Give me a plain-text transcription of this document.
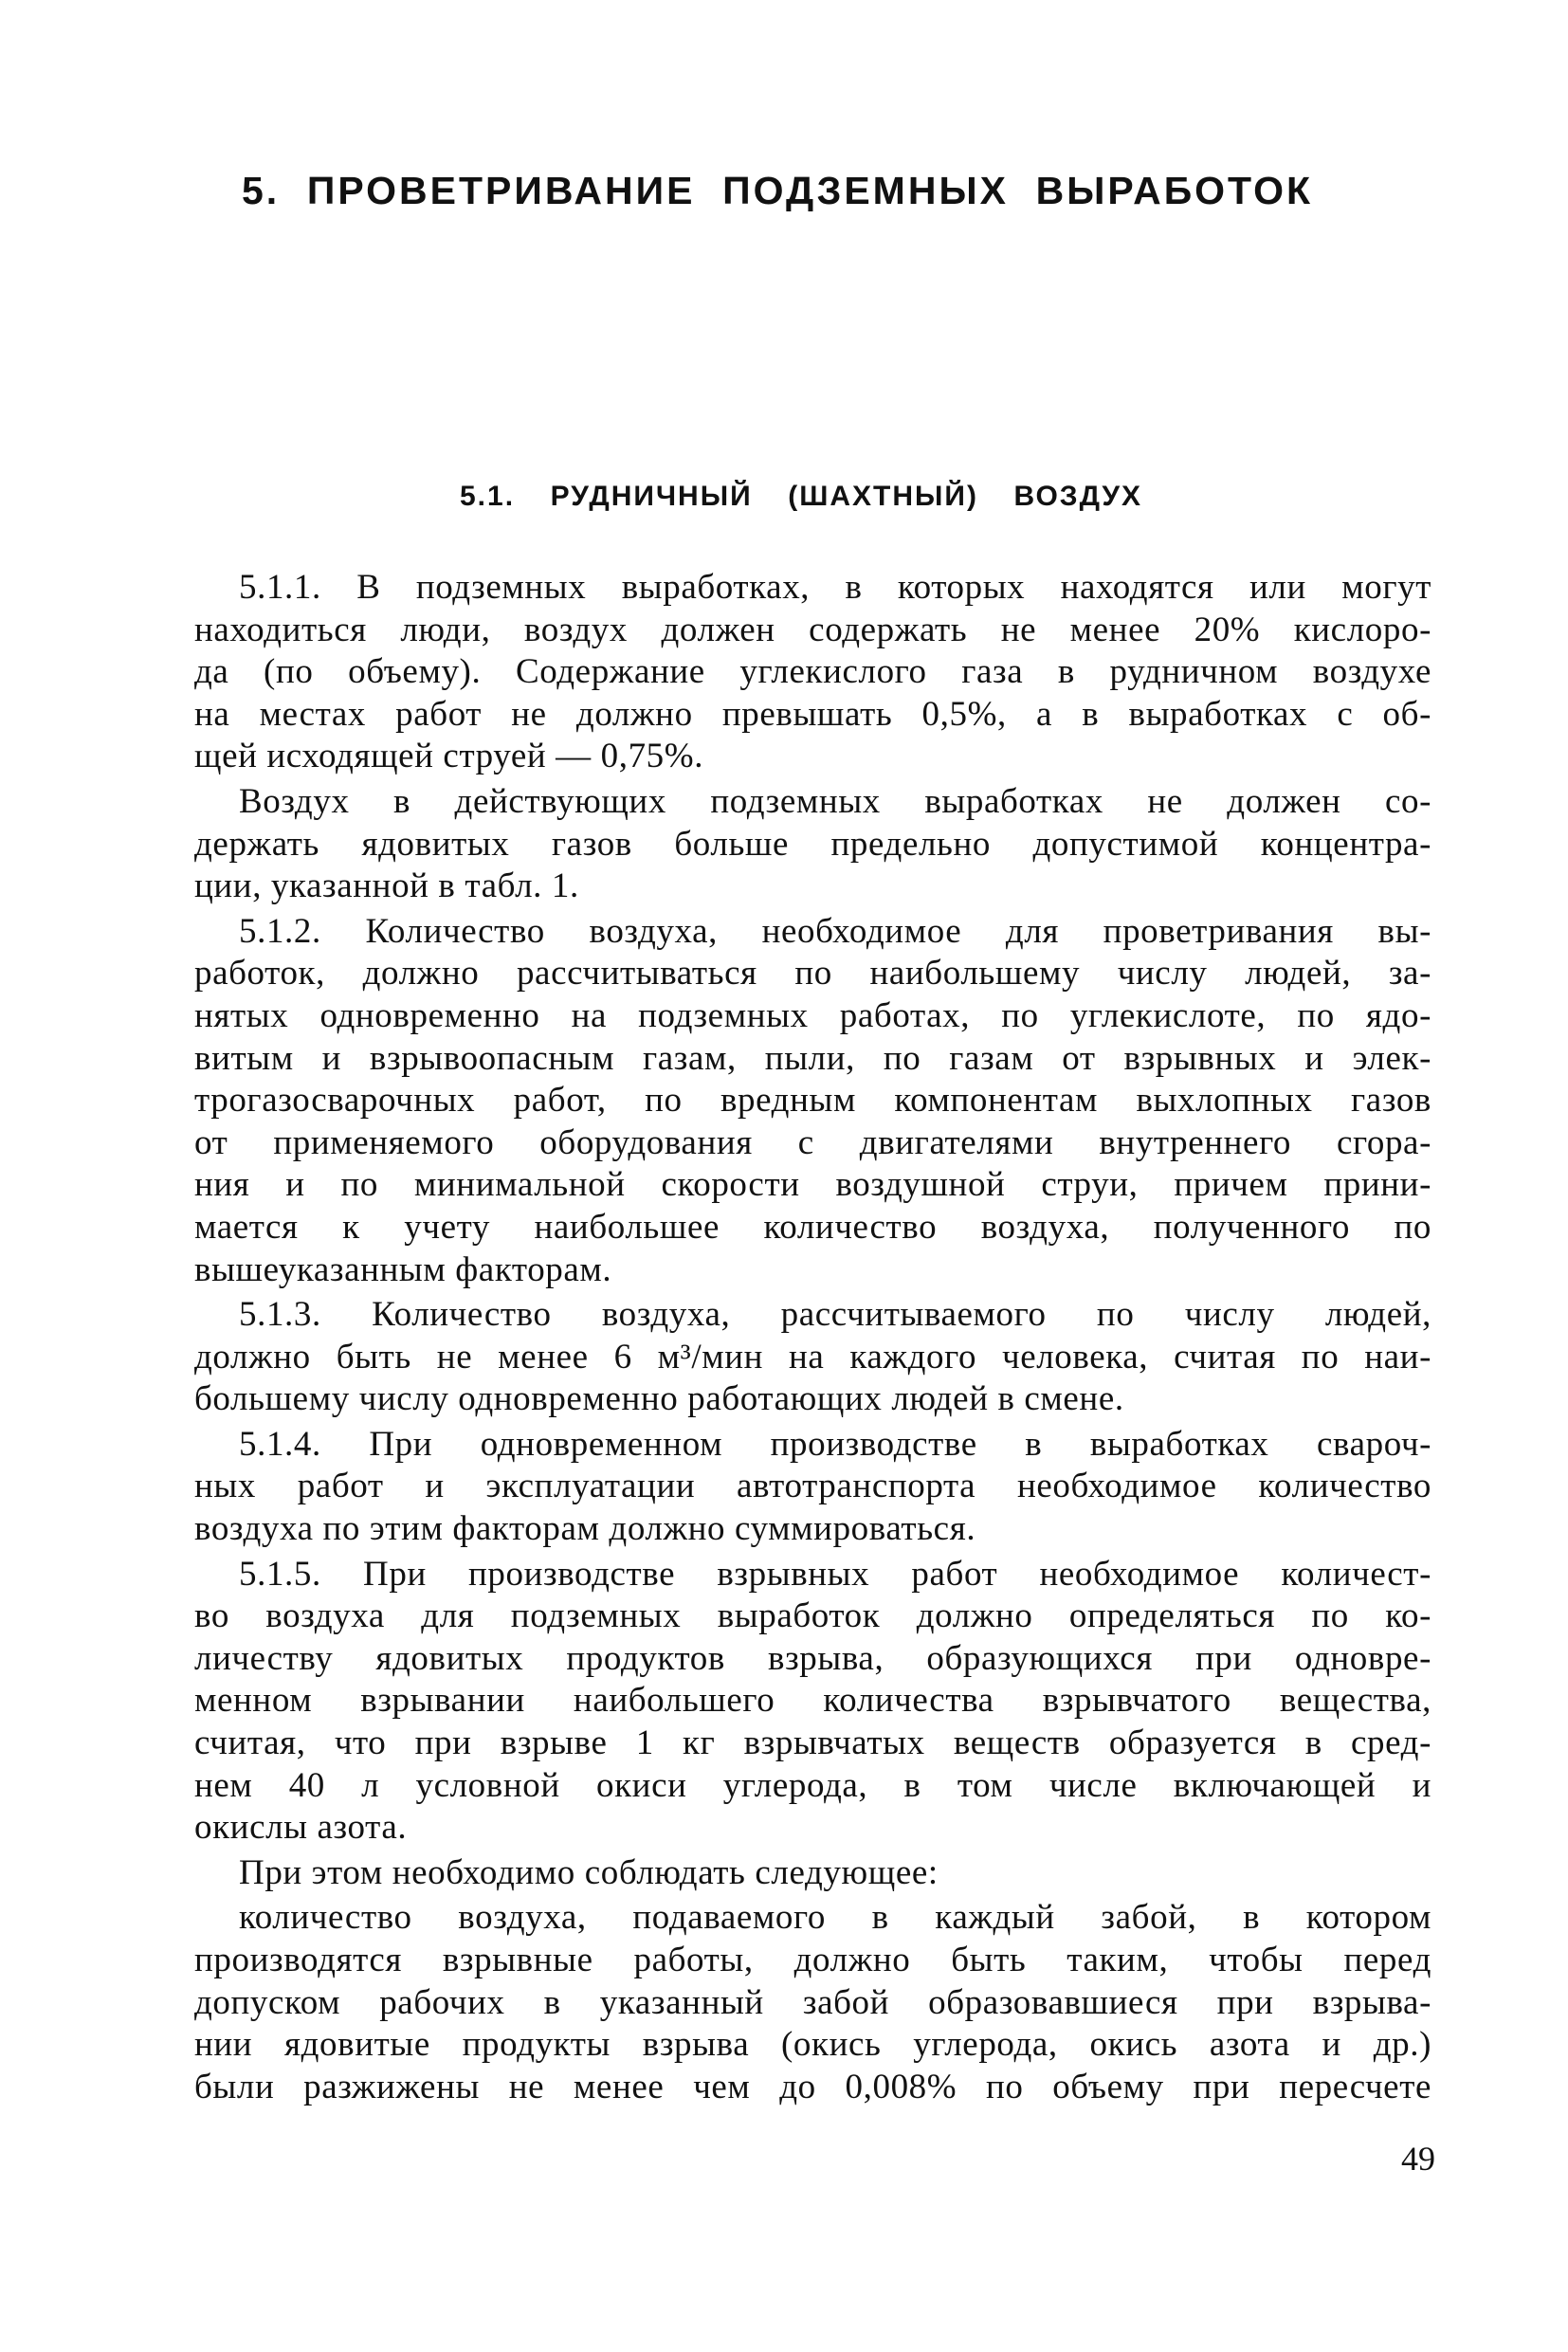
5. ПРОВЕТРИВАНИЕ ПОДЗЕМНЫХ ВЫРАБОТОК
5.1. РУДНИЧНЫЙ (ШАХТНЫЙ) ВОЗДУХ
5.1.1. В подземных выработках, в которых находятся или могут
находиться люди, воздух должен содержать не менее 20% кислоро-
да (по объему). Содержание углекислого газа в рудничном воздухе
на местах работ не должно превышать 0,5%, а в выработках с об-
щей исходящей струей — 0,75%.
Воздух в действующих подземных выработках не должен со-
держать ядовитых газов больше предельно допустимой концентра-
ции, указанной в табл. 1.
5.1.2. Количество воздуха, необходимое для проветривания вы-
работок, должно рассчитываться по наибольшему числу людей, за-
нятых одновременно на подземных работах, по углекислоте, по ядо-
витым и взрывоопасным газам, пыли, по газам от взрывных и элек-
трогазосварочных работ, по вредным компонентам выхлопных газов
от применяемого оборудования с двигателями внутреннего сгора-
ния и по минимальной скорости воздушной струи, причем прини-
мается к учету наибольшее количество воздуха, полученного по
вышеуказанным факторам.
5.1.3. Количество воздуха, рассчитываемого по числу людей,
должно быть не менее 6 м³/мин на каждого человека, считая по наи-
большему числу одновременно работающих людей в смене.
5.1.4. При одновременном производстве в выработках свароч-
ных работ и эксплуатации автотранспорта необходимое количество
воздуха по этим факторам должно суммироваться.
5.1.5. При производстве взрывных работ необходимое количест-
во воздуха для подземных выработок должно определяться по ко-
личеству ядовитых продуктов взрыва, образующихся при одновре-
менном взрывании наибольшего количества взрывчатого вещества,
считая, что при взрыве 1 кг взрывчатых веществ образуется в сред-
нем 40 л условной окиси углерода, в том числе включающей и
окислы азота.
При этом необходимо соблюдать следующее:
количество воздуха, подаваемого в каждый забой, в котором
производятся взрывные работы, должно быть таким, чтобы перед
допуском рабочих в указанный забой образовавшиеся при взрыва-
нии ядовитые продукты взрыва (окись углерода, окись азота и др.)
были разжижены не менее чем до 0,008% по объему при пересчете
49
